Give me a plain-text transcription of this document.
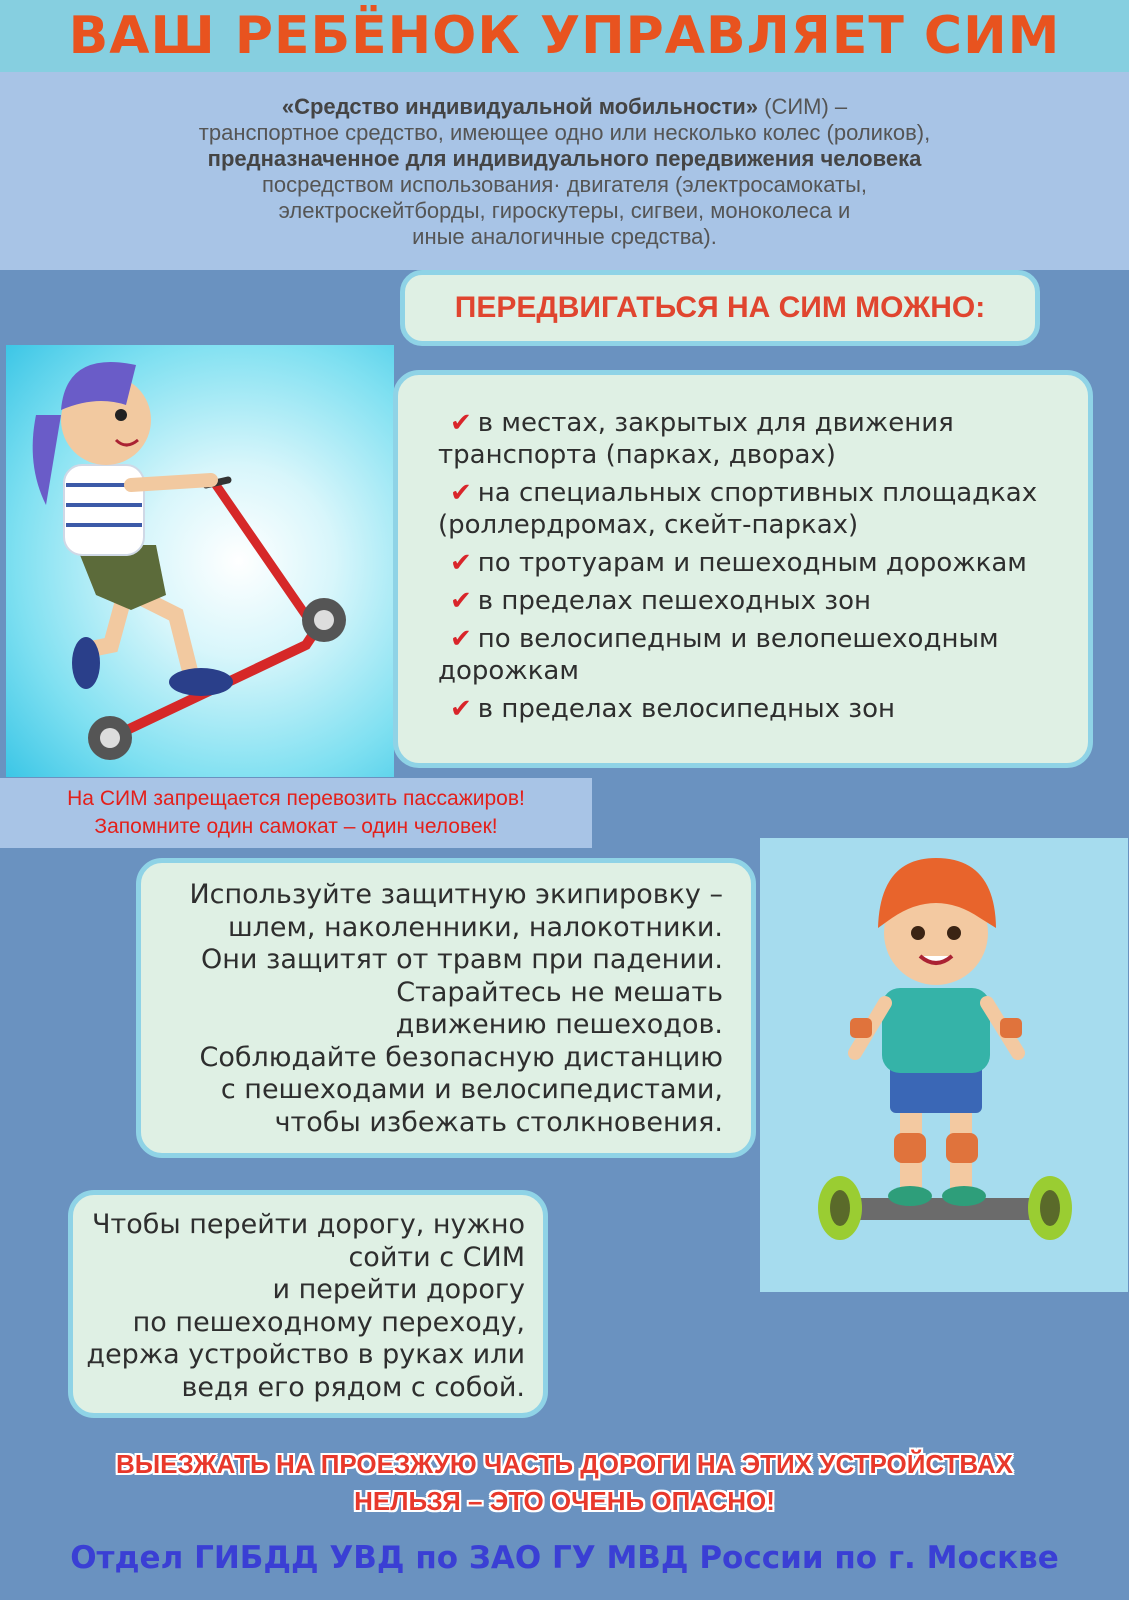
ВАШ РЕБЁНОК УПРАВЛЯЕТ СИМ
«Средство индивидуальной мобильности» (СИМ) –
транспортное средство, имеющее одно или несколько колес (роликов),
предназначенное для индивидуального передвижения человека
посредством использования· двигателя (электросамокаты,
электроскейтборды, гироскутеры, сигвеи, моноколеса и
иные аналогичные средства).
ПЕРЕДВИГАТЬСЯ НА СИМ МОЖНО:
✔ в местах, закрытых для движения
транспорта (парках, дворах)
✔ на специальных спортивных площадках
(роллердромах, скейт-парках)
✔ по тротуарам и пешеходным дорожкам
✔ в пределах пешеходных зон
✔ по велосипедным и велопешеходным
дорожкам
✔ в пределах велосипедных зон
На СИМ запрещается перевозить пассажиров!
Запомните один самокат – один человек!
Используйте защитную экипировку –
шлем, наколенники, налокотники.
Они защитят от травм при падении.
Старайтесь не мешать
движению пешеходов.
Соблюдайте безопасную дистанцию
с пешеходами и велосипедистами,
чтобы избежать столкновения.
Чтобы перейти дорогу, нужно
сойти с СИМ
и перейти дорогу
по пешеходному переходу,
держа устройство в руках или
ведя его рядом с собой.
ВЫЕЗЖАТЬ НА ПРОЕЗЖУЮ ЧАСТЬ ДОРОГИ НА ЭТИХ УСТРОЙСТВАХ
НЕЛЬЗЯ – ЭТО ОЧЕНЬ ОПАСНО!
Отдел ГИБДД УВД по ЗАО ГУ МВД России по г. Москве
